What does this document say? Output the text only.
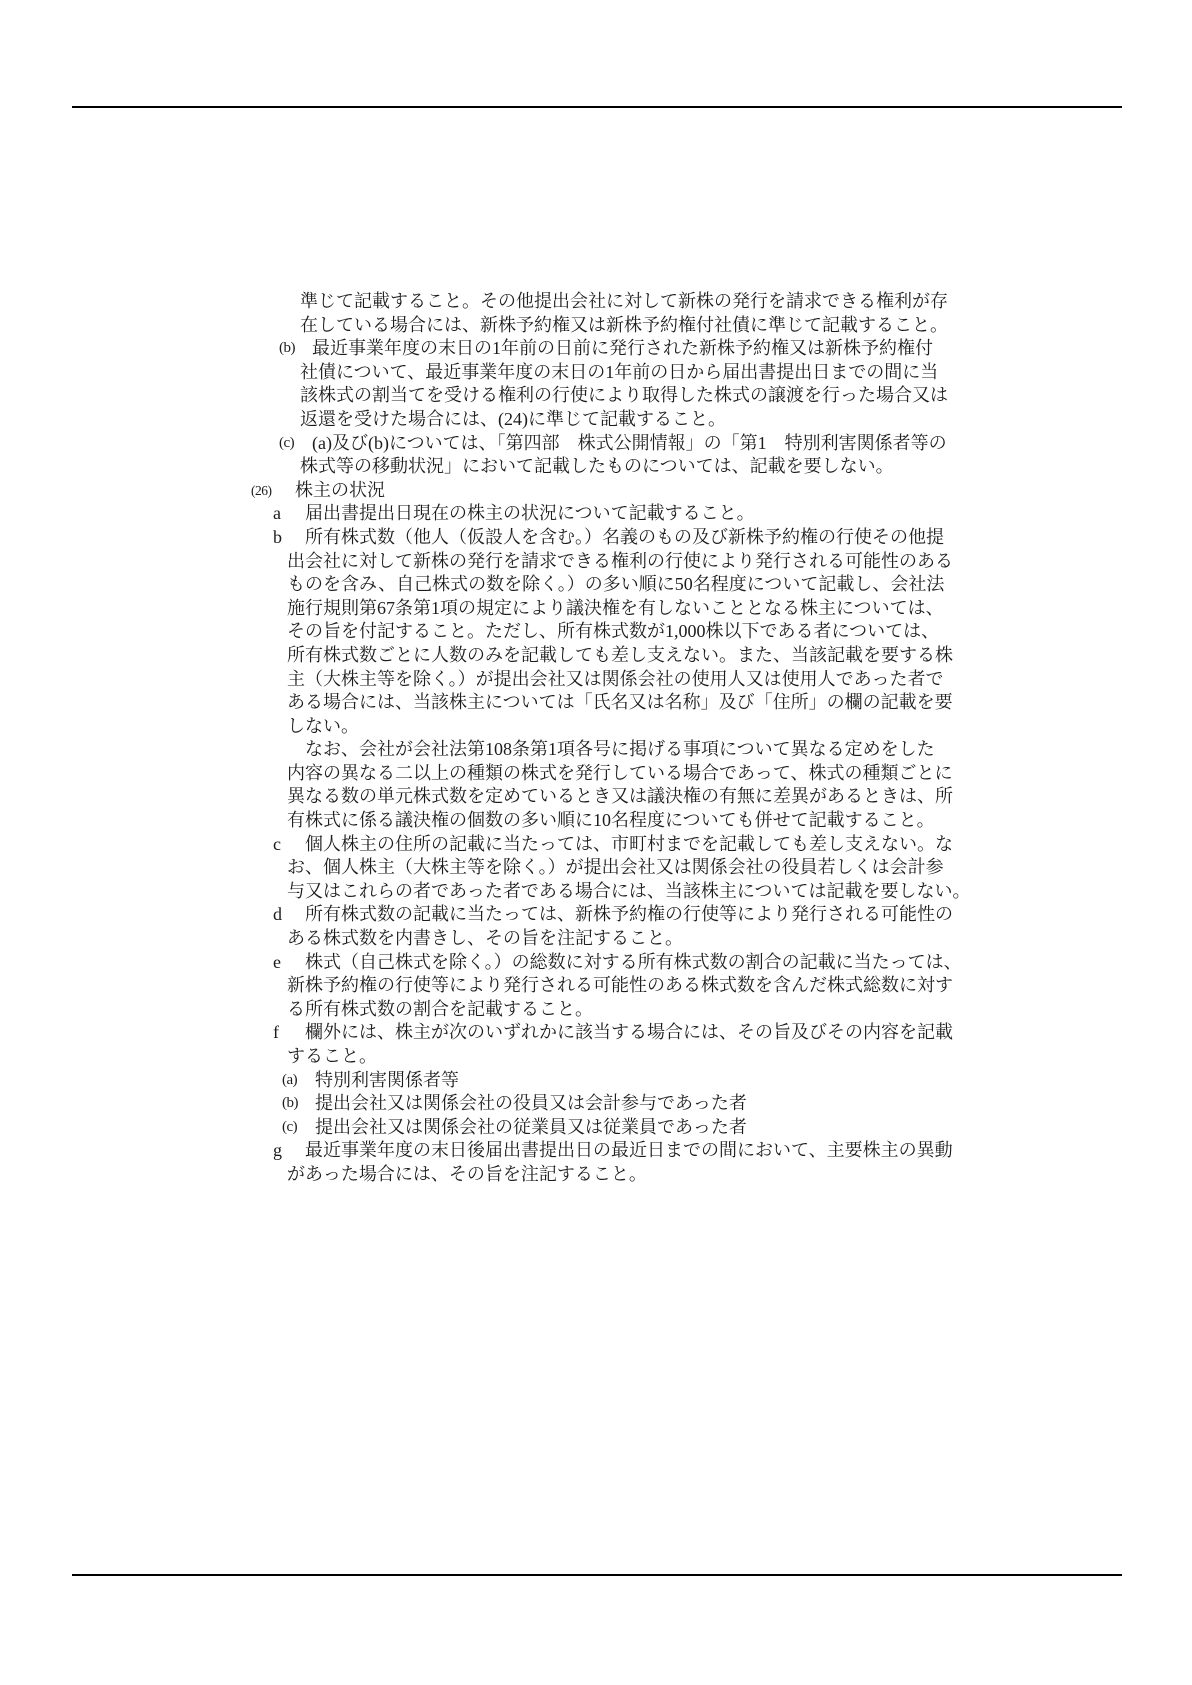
準じて記載すること。その他提出会社に対して新株の発行を請求できる権利が存
在している場合には、新株予約権又は新株予約権付社債に準じて記載すること。
(b) 最近事業年度の末日の1年前の日前に発行された新株予約権又は新株予約権付
社債について、最近事業年度の末日の1年前の日から届出書提出日までの間に当
該株式の割当てを受ける権利の行使により取得した株式の譲渡を行った場合又は
返還を受けた場合には、(24)に準じて記載すること。
(c) (a)及び(b)については、「第四部　株式公開情報」の「第1　特別利害関係者等の
株式等の移動状況」において記載したものについては、記載を要しない。
(26) 株主の状況
a 届出書提出日現在の株主の状況について記載すること。
b 所有株式数（他人（仮設人を含む。）名義のもの及び新株予約権の行使その他提
出会社に対して新株の発行を請求できる権利の行使により発行される可能性のある
ものを含み、自己株式の数を除く。）の多い順に50名程度について記載し、会社法
施行規則第67条第1項の規定により議決権を有しないこととなる株主については、
その旨を付記すること。ただし、所有株式数が1,000株以下である者については、
所有株式数ごとに人数のみを記載しても差し支えない。また、当該記載を要する株
主（大株主等を除く。）が提出会社又は関係会社の使用人又は使用人であった者で
ある場合には、当該株主については「氏名又は名称」及び「住所」の欄の記載を要
しない。
なお、会社が会社法第108条第1項各号に掲げる事項について異なる定めをした
内容の異なる二以上の種類の株式を発行している場合であって、株式の種類ごとに
異なる数の単元株式数を定めているとき又は議決権の有無に差異があるときは、所
有株式に係る議決権の個数の多い順に10名程度についても併せて記載すること。
c 個人株主の住所の記載に当たっては、市町村までを記載しても差し支えない。な
お、個人株主（大株主等を除く。）が提出会社又は関係会社の役員若しくは会計参
与又はこれらの者であった者である場合には、当該株主については記載を要しない。
d 所有株式数の記載に当たっては、新株予約権の行使等により発行される可能性の
ある株式数を内書きし、その旨を注記すること。
e 株式（自己株式を除く。）の総数に対する所有株式数の割合の記載に当たっては、
新株予約権の行使等により発行される可能性のある株式数を含んだ株式総数に対す
る所有株式数の割合を記載すること。
f 欄外には、株主が次のいずれかに該当する場合には、その旨及びその内容を記載
すること。
(a) 特別利害関係者等
(b) 提出会社又は関係会社の役員又は会計参与であった者
(c) 提出会社又は関係会社の従業員又は従業員であった者
g 最近事業年度の末日後届出書提出日の最近日までの間において、主要株主の異動
があった場合には、その旨を注記すること。
